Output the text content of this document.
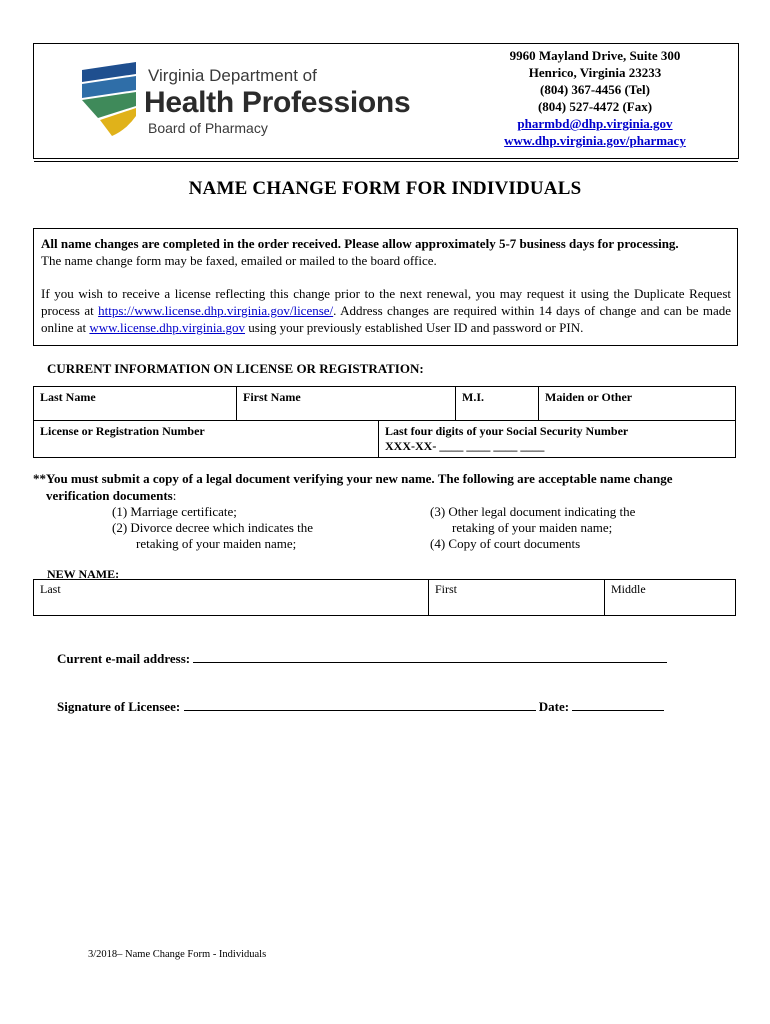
Virginia Department of
Health Professions
Board of Pharmacy
9960 Mayland Drive, Suite 300
Henrico, Virginia 23233
(804) 367-4456 (Tel)
(804) 527-4472 (Fax)
pharmbd@dhp.virginia.gov
www.dhp.virginia.gov/pharmacy
NAME CHANGE FORM FOR INDIVIDUALS
All name changes are completed in the order received. Please allow approximately 5-7 business days for processing.
The name change form may be faxed, emailed or mailed to the board office.
If you wish to receive a license reflecting this change prior to the next renewal, you may request it using the Duplicate Request process at https://www.license.dhp.virginia.gov/license/. Address changes are required within 14 days of change and can be made online at www.license.dhp.virginia.gov using your previously established User ID and password or PIN.
CURRENT INFORMATION ON LICENSE OR REGISTRATION:
Last Name	First Name	M.I.	Maiden or Other
License or Registration Number	Last four digits of your Social Security Number
XXX-XX- ____ ____ ____ ____
**You must submit a copy of a legal document verifying your new name. The following are acceptable name change
verification documents:
(1) Marriage certificate;
(2) Divorce decree which indicates the
retaking of your maiden name;
(3) Other legal document indicating the
retaking of your maiden name;
(4) Copy of court documents
NEW NAME:
Last	First	Middle
Current e-mail address:
Signature of Licensee:	Date:
3/2018– Name Change Form - Individuals
